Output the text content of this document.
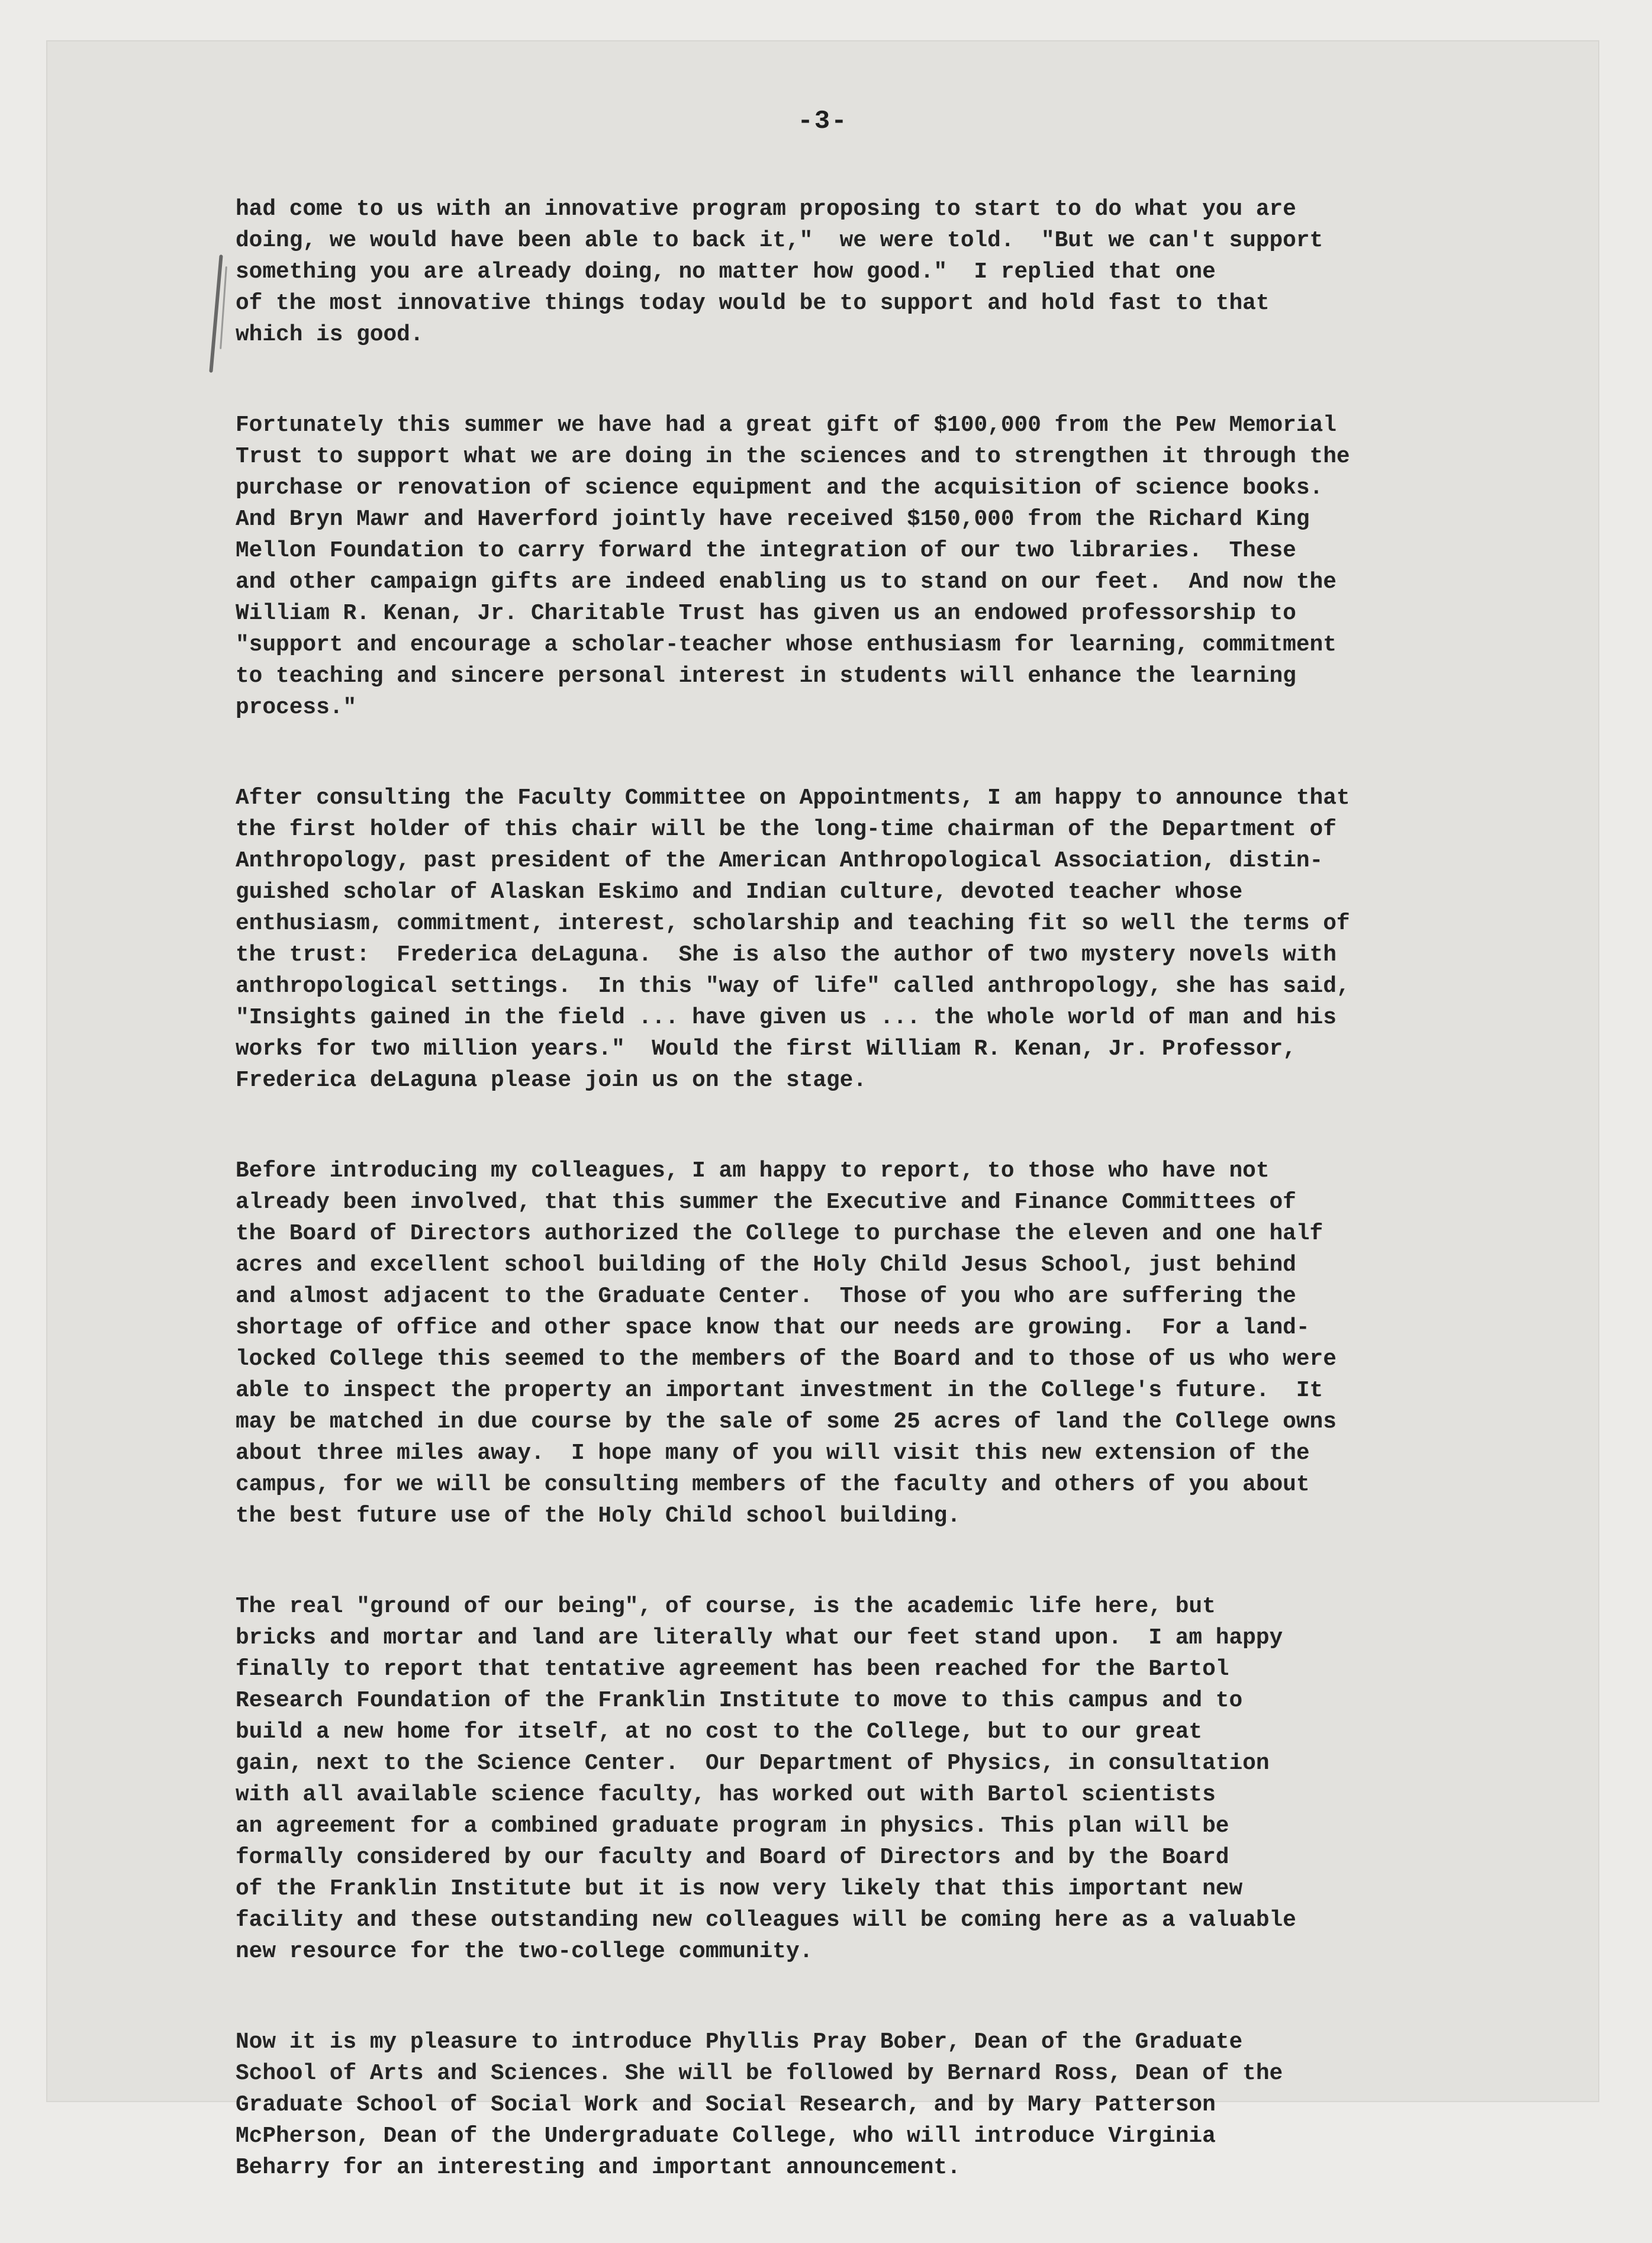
-3-
had come to us with an innovative program proposing to start to do what you are
doing, we would have been able to back it,"  we were told.  "But we can't support
something you are already doing, no matter how good."  I replied that one
of the most innovative things today would be to support and hold fast to that
which is good.
Fortunately this summer we have had a great gift of $100,000 from the Pew Memorial
Trust to support what we are doing in the sciences and to strengthen it through the
purchase or renovation of science equipment and the acquisition of science books.
And Bryn Mawr and Haverford jointly have received $150,000 from the Richard King
Mellon Foundation to carry forward the integration of our two libraries.  These
and other campaign gifts are indeed enabling us to stand on our feet.  And now the
William R. Kenan, Jr. Charitable Trust has given us an endowed professorship to
"support and encourage a scholar-teacher whose enthusiasm for learning, commitment
to teaching and sincere personal interest in students will enhance the learning
process."
After consulting the Faculty Committee on Appointments, I am happy to announce that
the first holder of this chair will be the long-time chairman of the Department of
Anthropology, past president of the American Anthropological Association, distin-
guished scholar of Alaskan Eskimo and Indian culture, devoted teacher whose
enthusiasm, commitment, interest, scholarship and teaching fit so well the terms of
the trust:  Frederica deLaguna.  She is also the author of two mystery novels with
anthropological settings.  In this "way of life" called anthropology, she has said,
"Insights gained in the field ... have given us ... the whole world of man and his
works for two million years."  Would the first William R. Kenan, Jr. Professor,
Frederica deLaguna please join us on the stage.
Before introducing my colleagues, I am happy to report, to those who have not
already been involved, that this summer the Executive and Finance Committees of
the Board of Directors authorized the College to purchase the eleven and one half
acres and excellent school building of the Holy Child Jesus School, just behind
and almost adjacent to the Graduate Center.  Those of you who are suffering the
shortage of office and other space know that our needs are growing.  For a land-
locked College this seemed to the members of the Board and to those of us who were
able to inspect the property an important investment in the College's future.  It
may be matched in due course by the sale of some 25 acres of land the College owns
about three miles away.  I hope many of you will visit this new extension of the
campus, for we will be consulting members of the faculty and others of you about
the best future use of the Holy Child school building.
The real "ground of our being", of course, is the academic life here, but
bricks and mortar and land are literally what our feet stand upon.  I am happy
finally to report that tentative agreement has been reached for the Bartol
Research Foundation of the Franklin Institute to move to this campus and to
build a new home for itself, at no cost to the College, but to our great
gain, next to the Science Center.  Our Department of Physics, in consultation
with all available science faculty, has worked out with Bartol scientists
an agreement for a combined graduate program in physics. This plan will be
formally considered by our faculty and Board of Directors and by the Board
of the Franklin Institute but it is now very likely that this important new
facility and these outstanding new colleagues will be coming here as a valuable
new resource for the two-college community.
Now it is my pleasure to introduce Phyllis Pray Bober, Dean of the Graduate
School of Arts and Sciences. She will be followed by Bernard Ross, Dean of the
Graduate School of Social Work and Social Research, and by Mary Patterson
McPherson, Dean of the Undergraduate College, who will introduce Virginia
Beharry for an interesting and important announcement.
